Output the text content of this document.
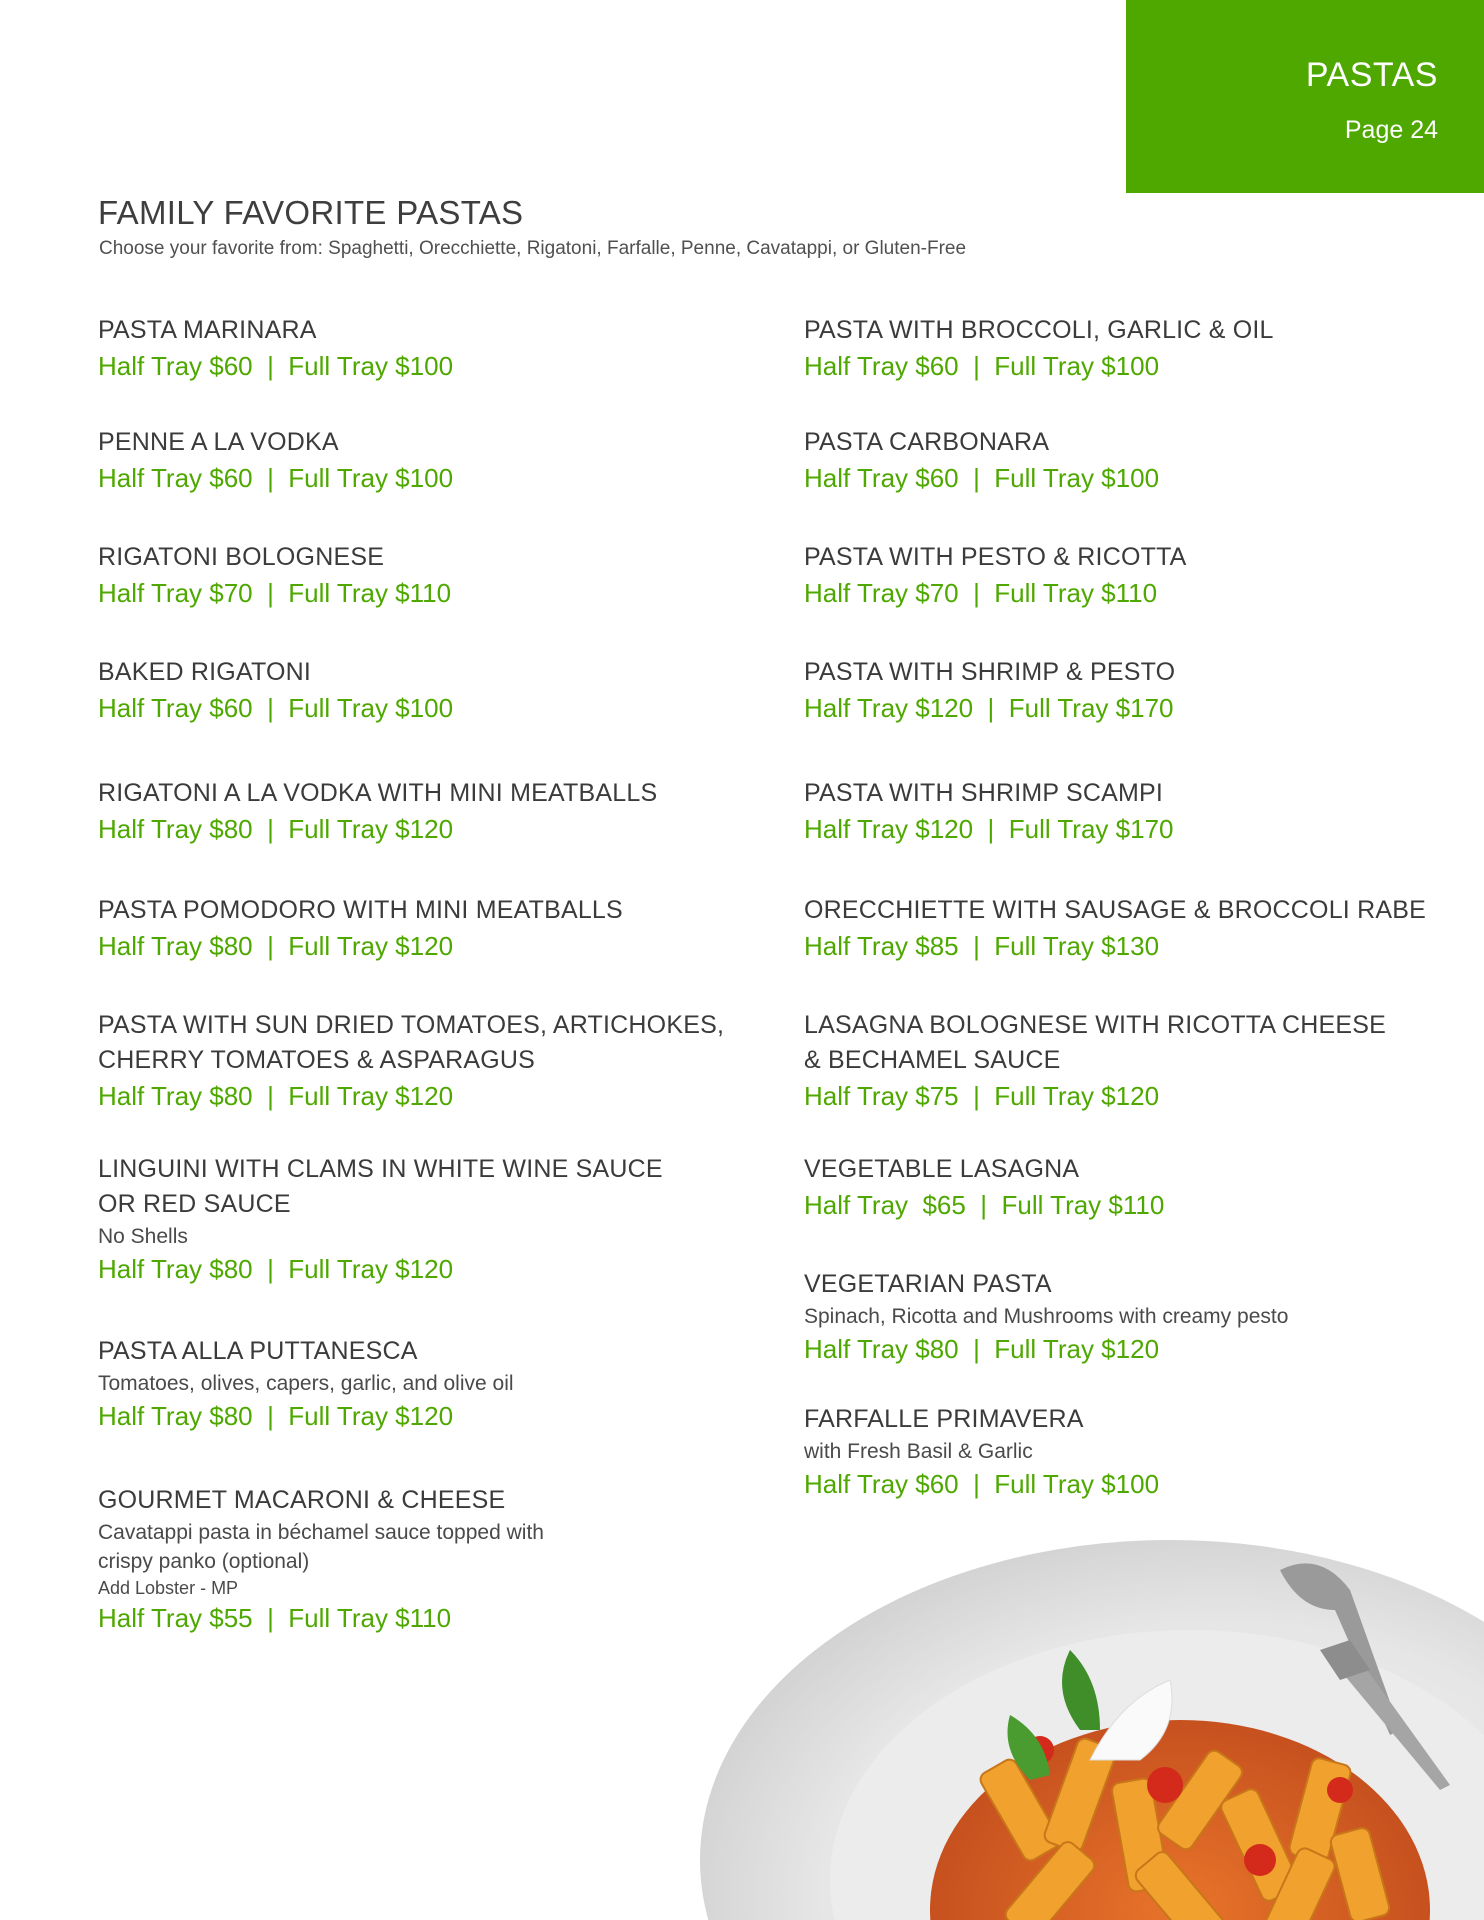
PASTAS
Page 24
FAMILY FAVORITE PASTAS
Choose your favorite from: Spaghetti, Orecchiette, Rigatoni, Farfalle, Penne, Cavatappi, or Gluten-Free
PASTA MARINARA
Half Tray $60  |  Full Tray $100
PENNE A LA VODKA
Half Tray $60  |  Full Tray $100
RIGATONI BOLOGNESE
Half Tray $70  |  Full Tray $110
BAKED RIGATONI
Half Tray $60  |  Full Tray $100
RIGATONI A LA VODKA WITH MINI MEATBALLS
Half Tray $80  |  Full Tray $120
PASTA POMODORO WITH MINI MEATBALLS
Half Tray $80  |  Full Tray $120
PASTA WITH SUN DRIED TOMATOES, ARTICHOKES,
CHERRY TOMATOES & ASPARAGUS
Half Tray $80  |  Full Tray $120
LINGUINI WITH CLAMS IN WHITE WINE SAUCE
OR RED SAUCE
No Shells
Half Tray $80  |  Full Tray $120
PASTA ALLA PUTTANESCA
Tomatoes, olives, capers, garlic, and olive oil
Half Tray $80  |  Full Tray $120
GOURMET MACARONI & CHEESE
Cavatappi pasta in béchamel sauce topped with
crispy panko (optional)
Add Lobster - MP
Half Tray $55  |  Full Tray $110
PASTA WITH BROCCOLI, GARLIC & OIL
Half Tray $60  |  Full Tray $100
PASTA CARBONARA
Half Tray $60  |  Full Tray $100
PASTA WITH PESTO & RICOTTA
Half Tray $70  |  Full Tray $110
PASTA WITH SHRIMP & PESTO
Half Tray $120  |  Full Tray $170
PASTA WITH SHRIMP SCAMPI
Half Tray $120  |  Full Tray $170
ORECCHIETTE WITH SAUSAGE & BROCCOLI RABE
Half Tray $85  |  Full Tray $130
LASAGNA BOLOGNESE WITH RICOTTA CHEESE
& BECHAMEL SAUCE
Half Tray $75  |  Full Tray $120
VEGETABLE LASAGNA
Half Tray  $65  |  Full Tray $110
VEGETARIAN PASTA
Spinach, Ricotta and Mushrooms with creamy pesto
Half Tray $80  |  Full Tray $120
FARFALLE PRIMAVERA
with Fresh Basil & Garlic
Half Tray $60  |  Full Tray $100
